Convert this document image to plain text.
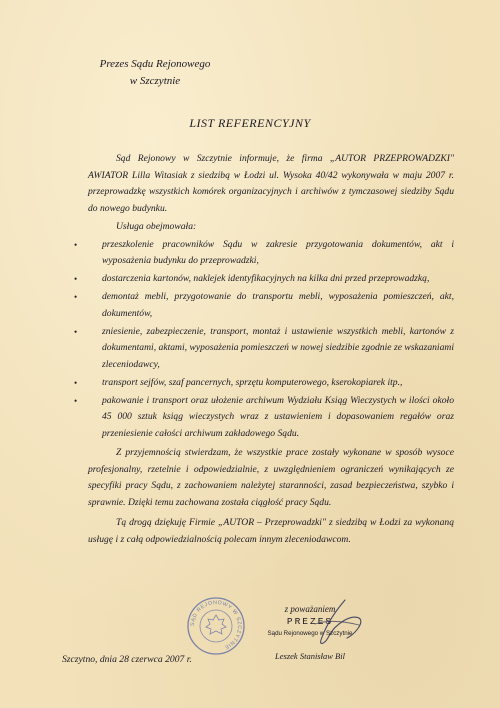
Prezes Sądu Rejonowego
w Szczytnie
LIST REFERENCYJNY

Sąd Rejonowy w Szczytnie informuje, że firma „AUTOR PRZEPROWADZKI" AWIATOR Lilla Witasiak z siedzibą w Łodzi ul. Wysoka 40/42 wykonywała w maju 2007 r. przeprowadzkę wszystkich komórek organizacyjnych i archiwów z tymczasowej siedziby Sądu do nowego budynku.

Usługa obejmowała:

•	przeszkolenie pracowników Sądu w zakresie przygotowania dokumentów, akt i wyposażenia budynku do przeprowadzki,
•	dostarczenia kartonów, naklejek identyfikacyjnych na kilka dni przed przeprowadzką,
•	demontaż mebli, przygotowanie do transportu mebli, wyposażenia pomieszczeń, akt, dokumentów,
•	zniesienie, zabezpieczenie, transport, montaż i ustawienie wszystkich mebli, kartonów z dokumentami, aktami, wyposażenia pomieszczeń w nowej siedzibie zgodnie ze wskazaniami zleceniodawcy,
•	transport sejfów, szaf pancernych, sprzętu komputerowego, kserokopiarek itp.,
•	pakowanie i transport oraz ułożenie archiwum Wydziału Ksiąg Wieczystych w ilości około 45 000 sztuk ksiąg wieczystych wraz z ustawieniem i dopasowaniem regałów oraz przeniesienie całości archiwum zakładowego Sądu.

Z przyjemnością stwierdzam, że wszystkie prace zostały wykonane w sposób wysoce profesjonalny, rzetelnie i odpowiedzialnie, z uwzględnieniem ograniczeń wynikających ze specyfiki pracy Sądu, z zachowaniem należytej staranności, zasad bezpieczeństwa, szybko i sprawnie. Dzięki temu zachowana została ciągłość pracy Sądu.

Tą drogą dziękuję Firmie „AUTOR – Przeprowadzki" z siedzibą w Łodzi za wykonaną usługę i z całą odpowiedzialnością polecam innym zleceniodawcom.

SĄD REJONOWY W SZCZYTNIE
z poważaniem
PREZES
Sądu Rejonowego w Szczytnie
Leszek Stanisław Bil
Szczytno, dnia 28 czerwca 2007 r.
